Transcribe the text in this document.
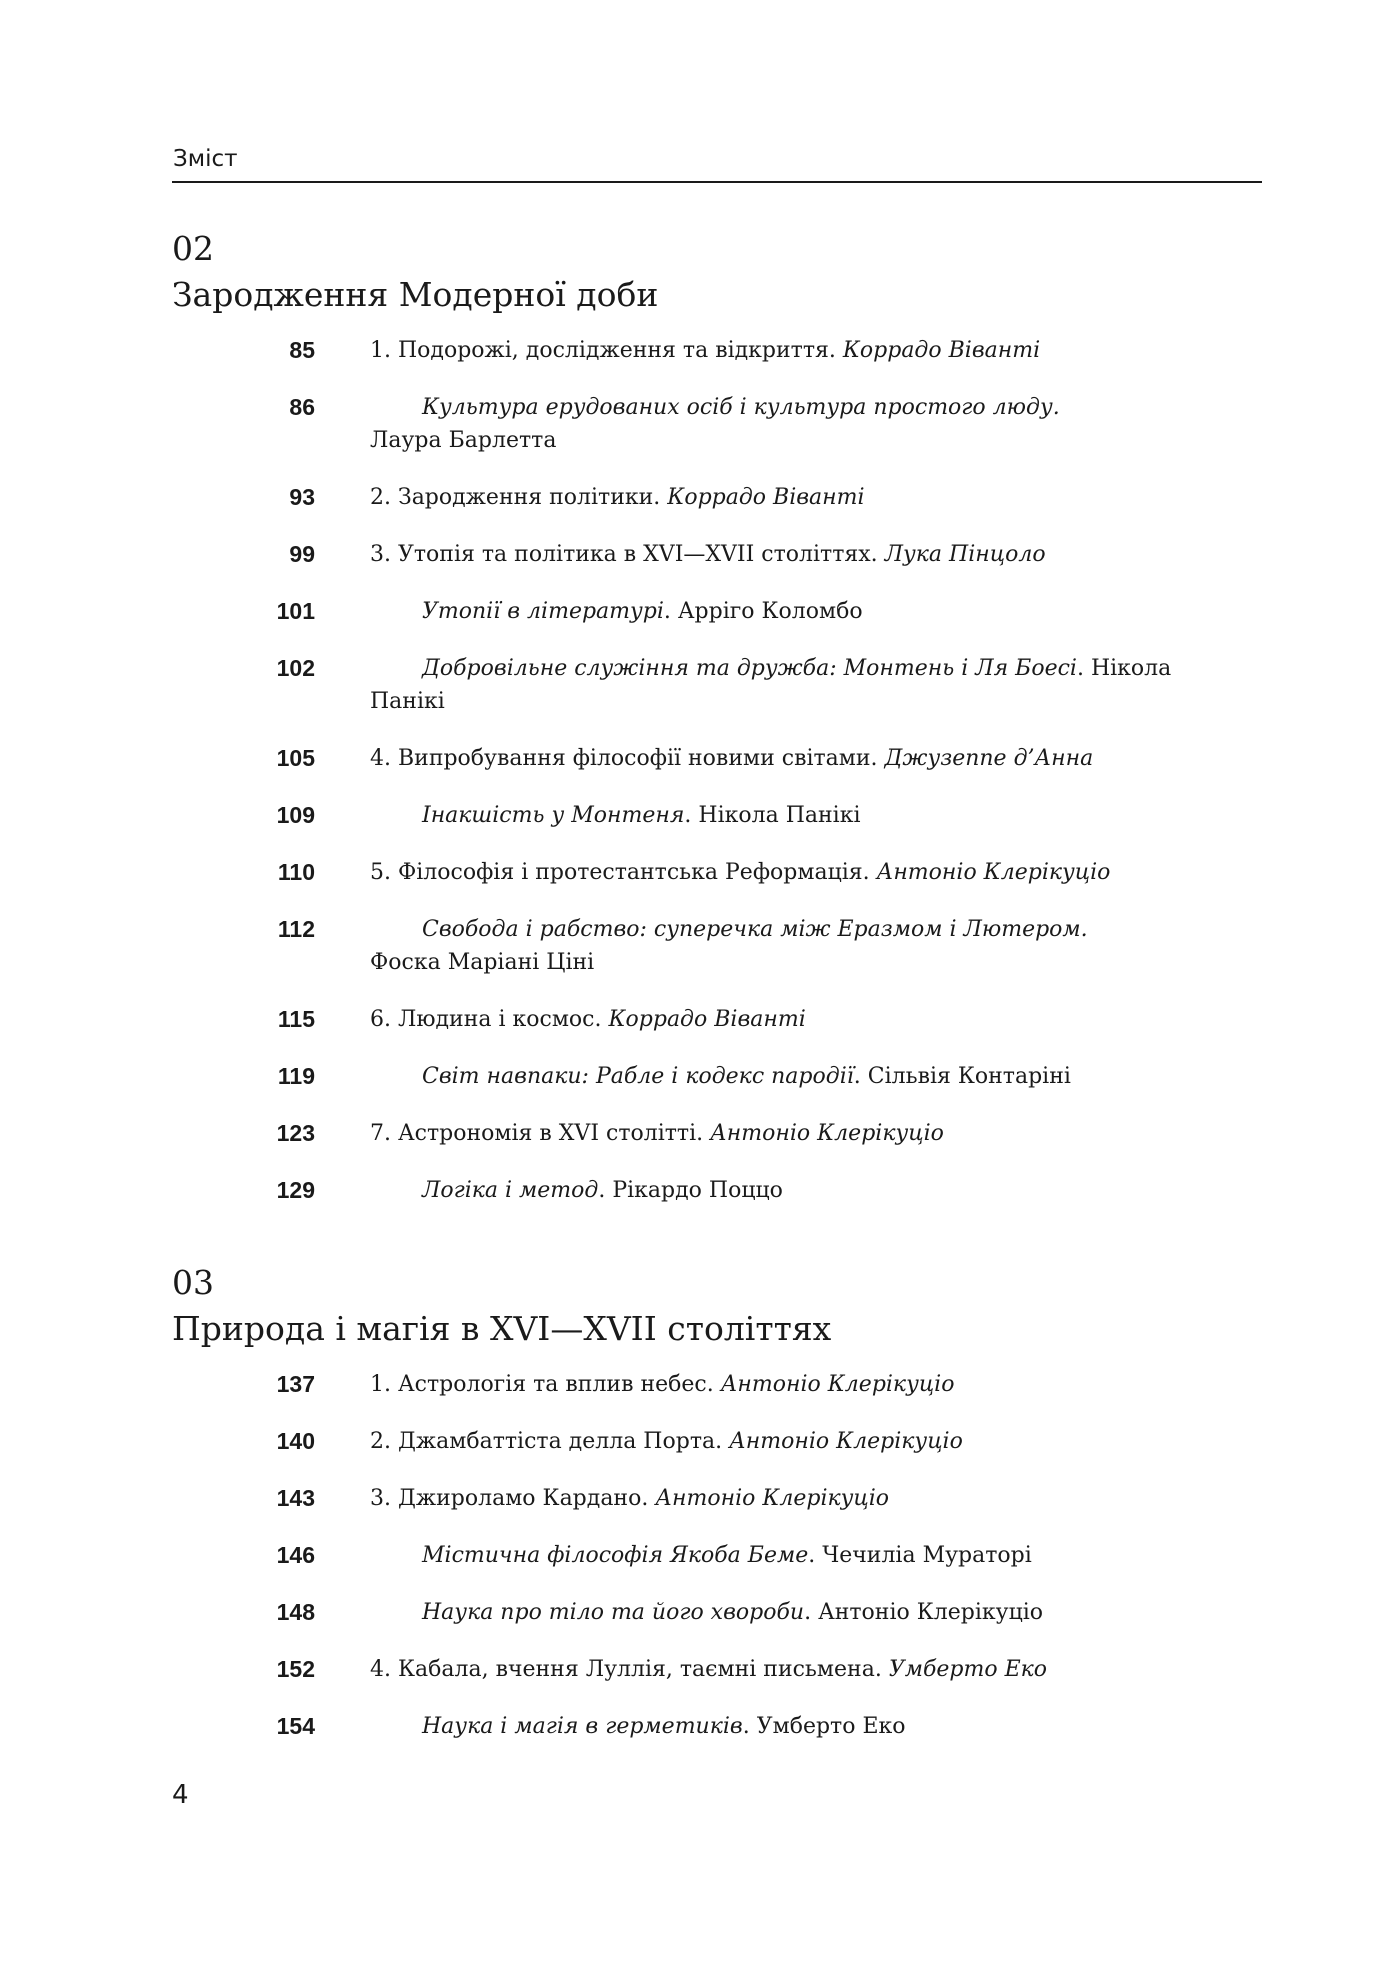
Зміст
02
Зародження Модерної доби
85	1. Подорожі, дослідження та відкриття. Коррадо Віванті
86	Культура ерудованих осіб і культура простого люду.
Лаура Барлетта
93	2. Зародження політики. Коррадо Віванті
99	3. Утопія та політика в XVI—XVII століттях. Лука Пінцоло
101	Утопії в літературі. Арріго Коломбо
102	Добровільне служіння та дружба: Монтень і Ля Боесі. Нікола Панікі
105	4. Випробування філософії новими світами. Джузеппе д’Анна
109	Інакшість у Монтеня. Нікола Панікі
110	5. Філософія і протестантська Реформація. Антоніо Клерікуціо
112	Свобода і рабство: суперечка між Еразмом і Лютером.
Фоска Маріані Ціні
115	6. Людина і космос. Коррадо Віванті
119	Світ навпаки: Рабле і кодекс пародії. Сільвія Контаріні
123	7. Астрономія в XVI столітті. Антоніо Клерікуціо
129	Логіка і метод. Рікардо Поццо
03
Природа і магія в XVI—XVII століттях
137	1. Астрологія та вплив небес. Антоніо Клерікуціо
140	2. Джамбаттіста делла Порта. Антоніо Клерікуціо
143	3. Джироламо Кардано. Антоніо Клерікуціо
146	Містична філософія Якоба Беме. Чечиліа Мураторі
148	Наука про тіло та його хвороби. Антоніо Клерікуціо
152	4. Кабала, вчення Луллія, таємні письмена. Умберто Еко
154	Наука і магія в герметиків. Умберто Еко
4
